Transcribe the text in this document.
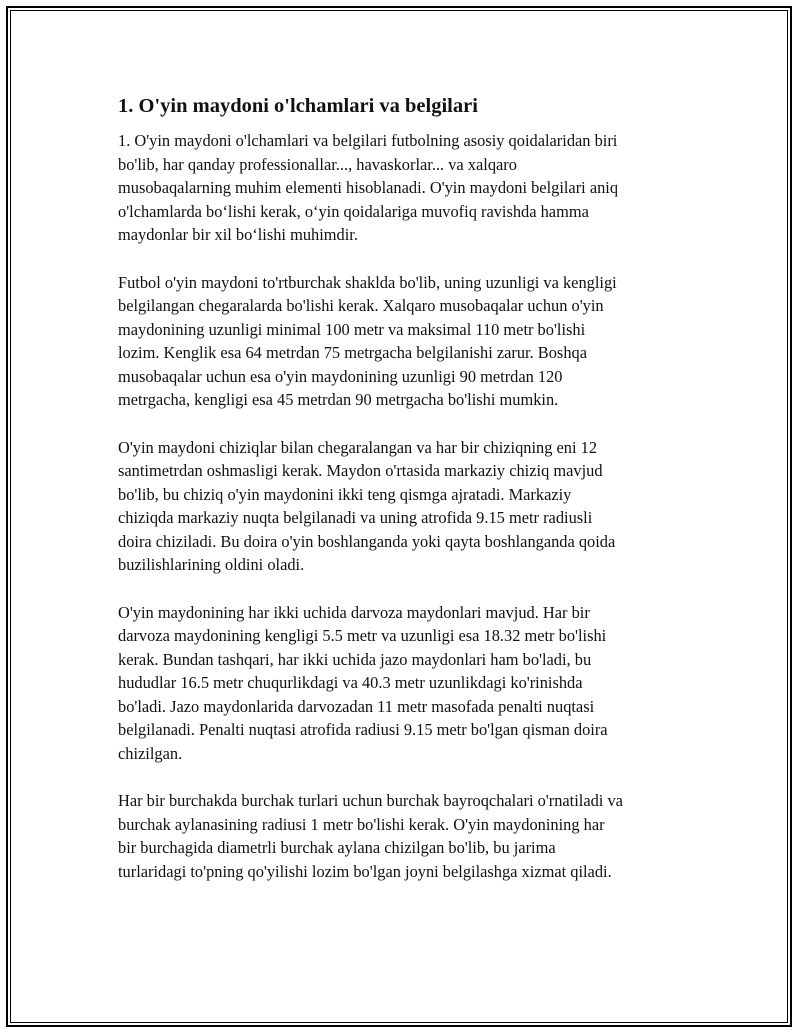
1. O'yin maydoni o'lchamlari va belgilari

1. O'yin maydoni o'lchamlari va belgilari futbolning asosiy qoidalaridan biri
bo'lib, har qanday professionallar..., havaskorlar... va xalqaro
musobaqalarning muhim elementi hisoblanadi. O'yin maydoni belgilari aniq
o'lchamlarda bo‘lishi kerak, o‘yin qoidalariga muvofiq ravishda hamma
maydonlar bir xil bo‘lishi muhimdir.

Futbol o'yin maydoni to'rtburchak shaklda bo'lib, uning uzunligi va kengligi
belgilangan chegaralarda bo'lishi kerak. Xalqaro musobaqalar uchun o'yin
maydonining uzunligi minimal 100 metr va maksimal 110 metr bo'lishi
lozim. Kenglik esa 64 metrdan 75 metrgacha belgilanishi zarur. Boshqa
musobaqalar uchun esa o'yin maydonining uzunligi 90 metrdan 120
metrgacha, kengligi esa 45 metrdan 90 metrgacha bo'lishi mumkin.

O'yin maydoni chiziqlar bilan chegaralangan va har bir chiziqning eni 12
santimetrdan oshmasligi kerak. Maydon o'rtasida markaziy chiziq mavjud
bo'lib, bu chiziq o'yin maydonini ikki teng qismga ajratadi. Markaziy
chiziqda markaziy nuqta belgilanadi va uning atrofida 9.15 metr radiusli
doira chiziladi. Bu doira o'yin boshlanganda yoki qayta boshlanganda qoida
buzilishlarining oldini oladi.

O'yin maydonining har ikki uchida darvoza maydonlari mavjud. Har bir
darvoza maydonining kengligi 5.5 metr va uzunligi esa 18.32 metr bo'lishi
kerak. Bundan tashqari, har ikki uchida jazo maydonlari ham bo'ladi, bu
hududlar 16.5 metr chuqurlikdagi va 40.3 metr uzunlikdagi ko'rinishda
bo'ladi. Jazo maydonlarida darvozadan 11 metr masofada penalti nuqtasi
belgilanadi. Penalti nuqtasi atrofida radiusi 9.15 metr bo'lgan qisman doira
chizilgan.

Har bir burchakda burchak turlari uchun burchak bayroqchalari o'rnatiladi va
burchak aylanasining radiusi 1 metr bo'lishi kerak. O'yin maydonining har
bir burchagida diametrli burchak aylana chizilgan bo'lib, bu jarima
turlaridagi to'pning qo'yilishi lozim bo'lgan joyni belgilashga xizmat qiladi.
